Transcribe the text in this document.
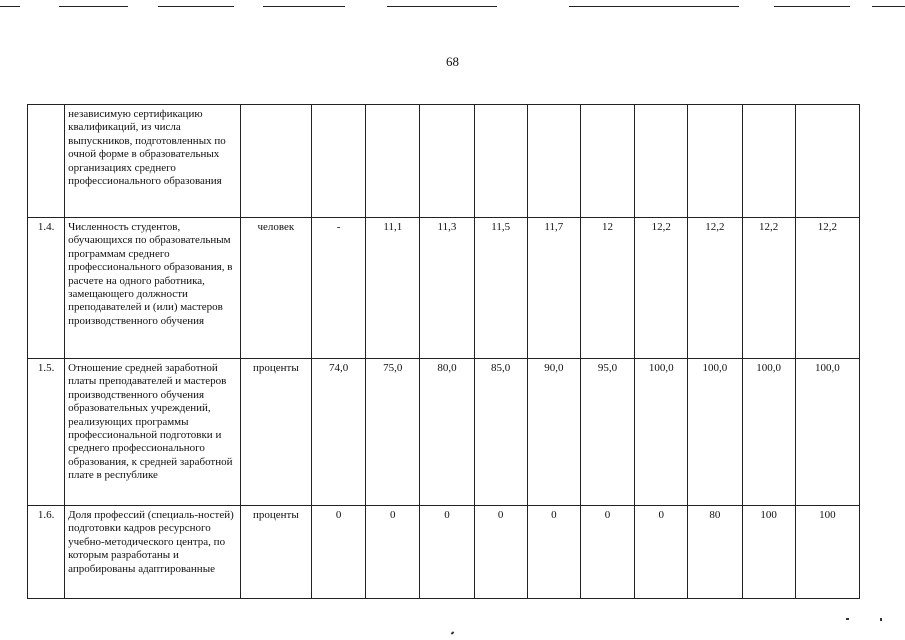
68
	независимую сертификацию квалификаций, из числа выпускников, подготовленных по очной форме в образовательных организациях среднего профессионального образования											
1.4.	Численность студентов, обучающихся по образовательным программам среднего профессионального образования, в расчете на одного работника, замещающего должности преподавателей и (или) мастеров производственного обучения	человек	-	11,1	11,3	11,5	11,7	12	12,2	12,2	12,2	12,2
1.5.	Отношение средней заработной платы преподавателей и мастеров производственного обучения образовательных учреждений, реализующих программы профессиональной подготовки и среднего профессионального образования, к средней заработной плате в республике	проценты	74,0	75,0	80,0	85,0	90,0	95,0	100,0	100,0	100,0	100,0
1.6.	Доля профессий (специаль-ностей) подготовки кадров ресурсного учебно-методического центра, по которым разработаны и апробированы адаптированные	проценты	0	0	0	0	0	0	0	80	100	100
